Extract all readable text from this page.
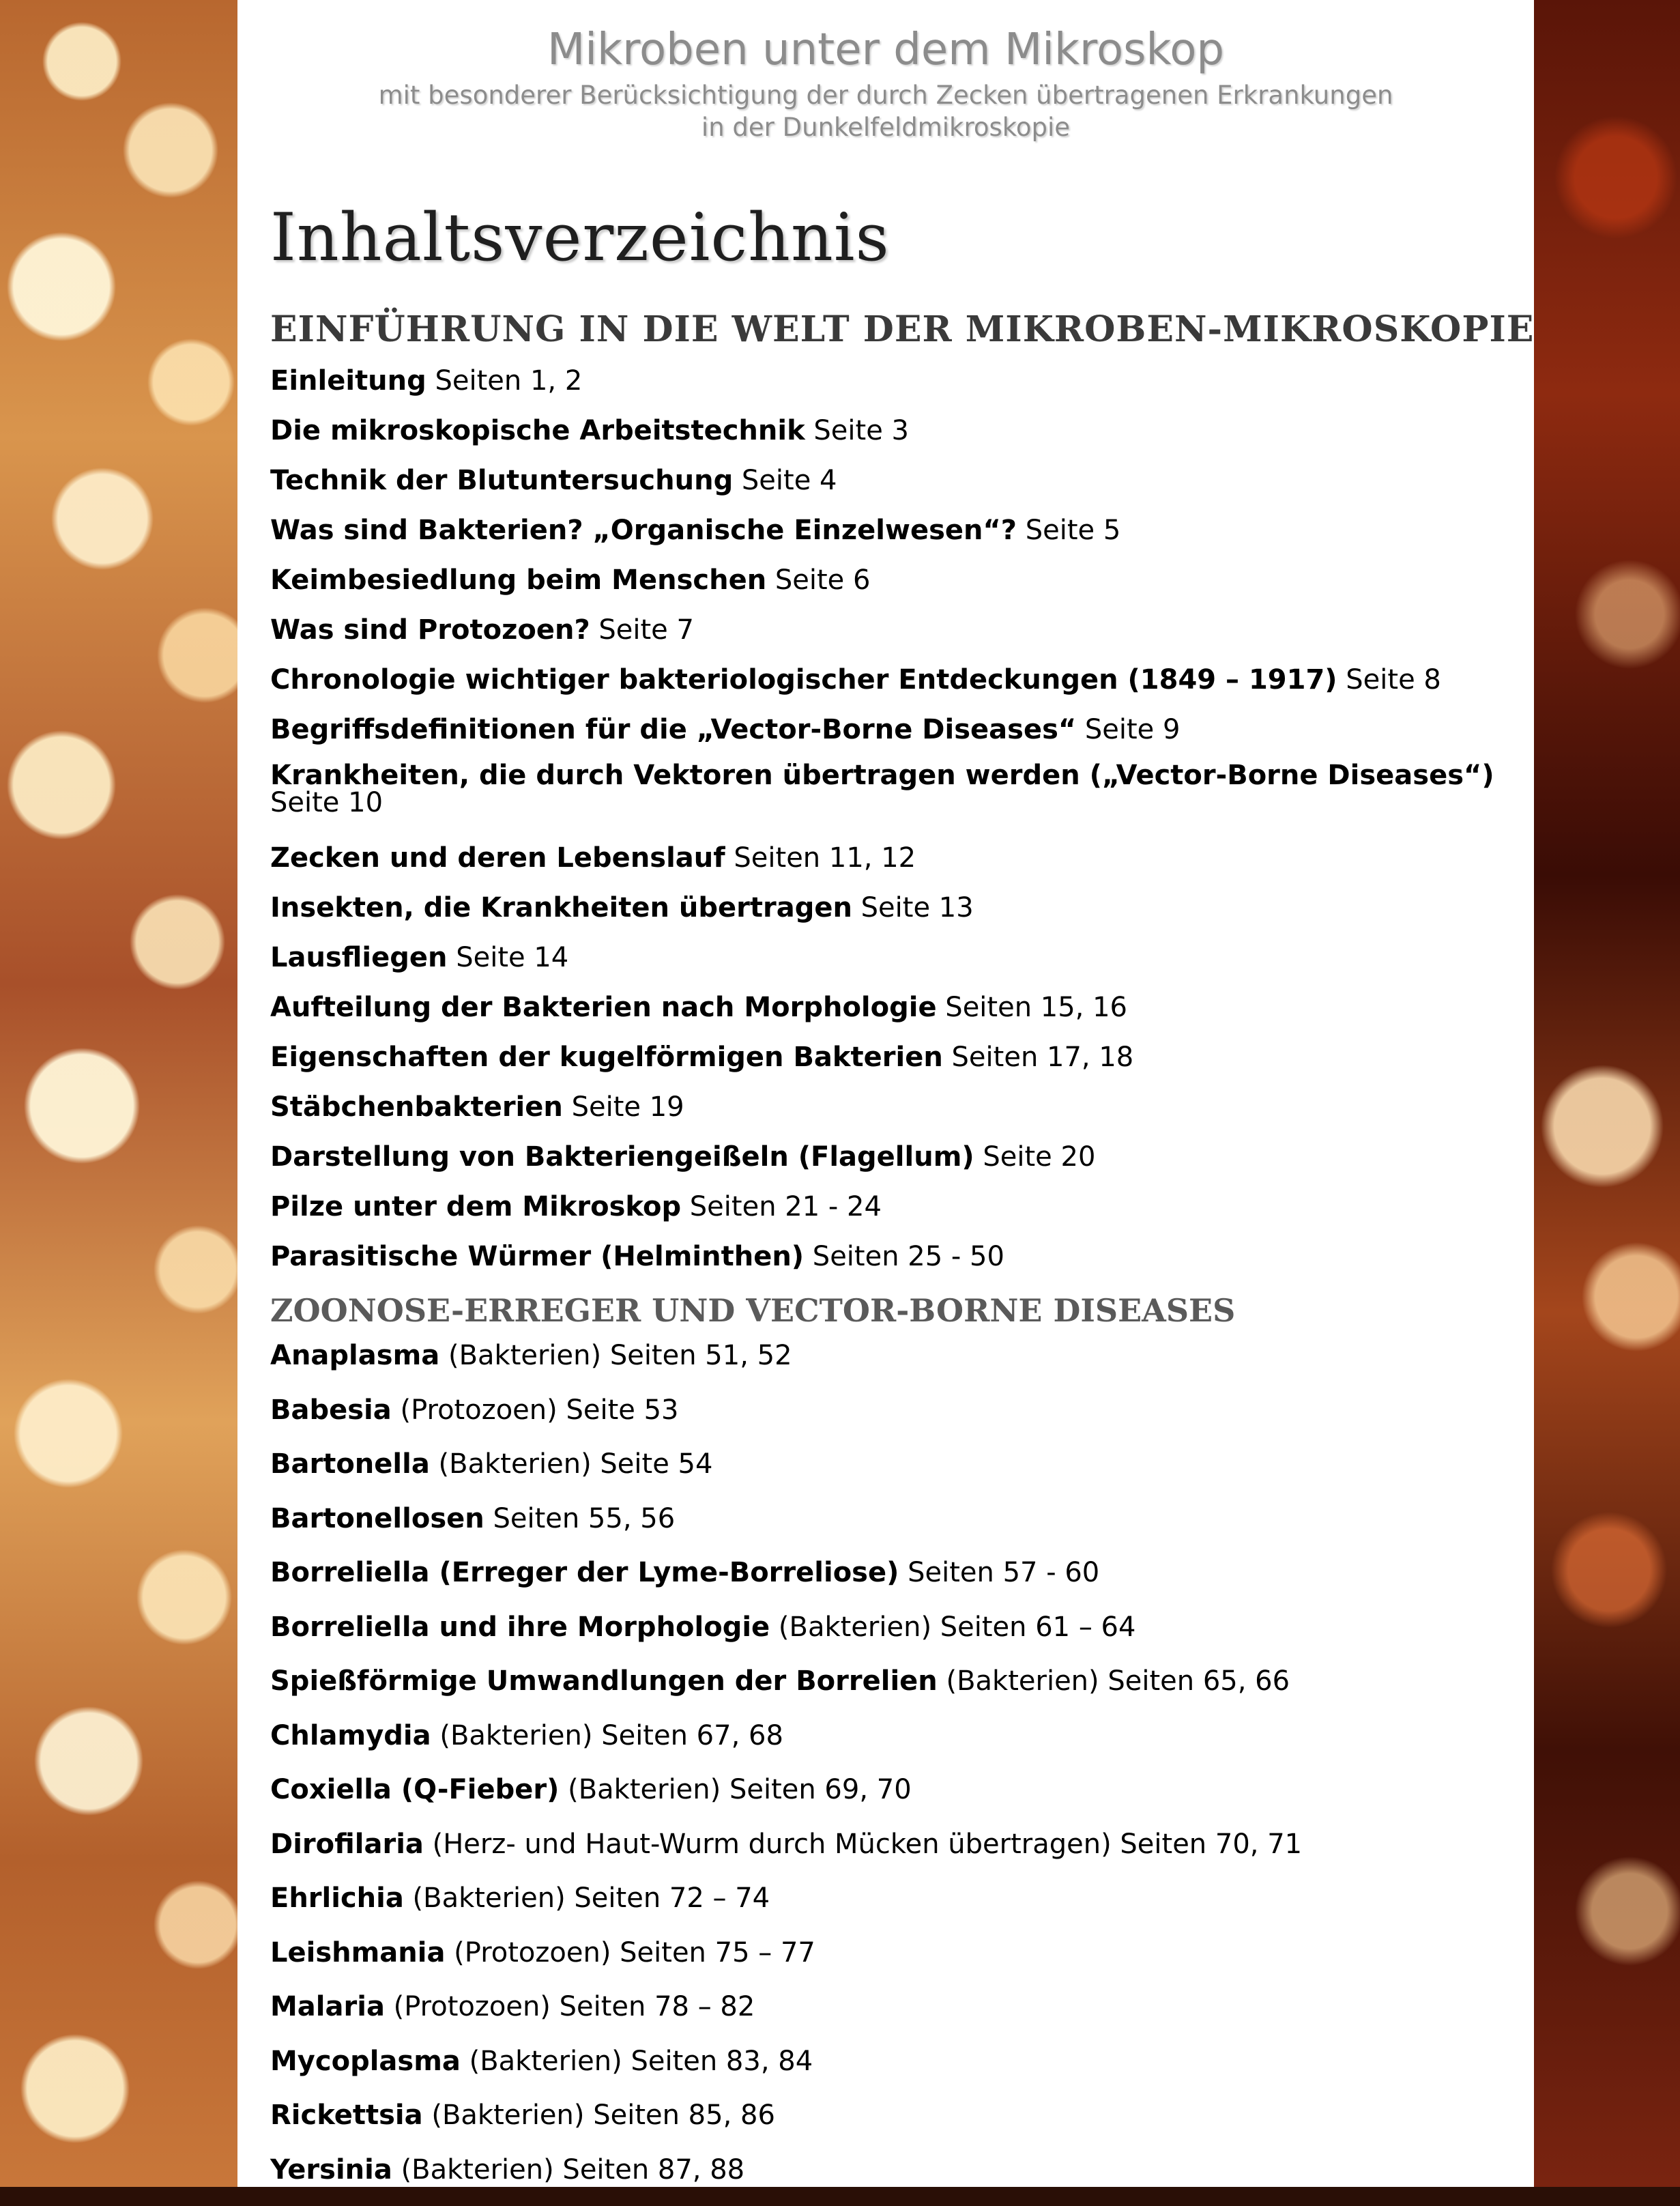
Mikroben unter dem Mikroskop
mit besonderer Berücksichtigung der durch Zecken übertragenen Erkrankungen
in der Dunkelfeldmikroskopie
Inhaltsverzeichnis
EINFÜHRUNG IN DIE WELT DER MIKROBEN-MIKROSKOPIE
Einleitung Seiten 1, 2
Die mikroskopische Arbeitstechnik Seite 3
Technik der Blutuntersuchung Seite 4
Was sind Bakterien? „Organische Einzelwesen“? Seite 5
Keimbesiedlung beim Menschen Seite 6
Was sind Protozoen? Seite 7
Chronologie wichtiger bakteriologischer Entdeckungen (1849 – 1917) Seite 8
Begriffsdefinitionen für die „Vector-Borne Diseases“ Seite 9
Krankheiten, die durch Vektoren übertragen werden („Vector-Borne Diseases“) Seite 10
Zecken und deren Lebenslauf Seiten 11, 12
Insekten, die Krankheiten übertragen Seite 13
Lausfliegen Seite 14
Aufteilung der Bakterien nach Morphologie Seiten 15, 16
Eigenschaften der kugelförmigen Bakterien Seiten 17, 18
Stäbchenbakterien Seite 19
Darstellung von Bakteriengeißeln (Flagellum) Seite 20
Pilze unter dem Mikroskop Seiten 21 - 24
Parasitische Würmer (Helminthen) Seiten 25 - 50
ZOONOSE-ERREGER UND VECTOR-BORNE DISEASES
Anaplasma (Bakterien) Seiten 51, 52
Babesia (Protozoen) Seite 53
Bartonella (Bakterien) Seite 54
Bartonellosen Seiten 55, 56
Borreliella (Erreger der Lyme-Borreliose) Seiten 57 - 60
Borreliella und ihre Morphologie (Bakterien) Seiten 61 – 64
Spießförmige Umwandlungen der Borrelien (Bakterien) Seiten 65, 66
Chlamydia (Bakterien) Seiten 67, 68
Coxiella (Q-Fieber) (Bakterien) Seiten 69, 70
Dirofilaria (Herz- und Haut-Wurm durch Mücken übertragen) Seiten 70, 71
Ehrlichia (Bakterien) Seiten 72 – 74
Leishmania (Protozoen) Seiten 75 – 77
Malaria (Protozoen) Seiten 78 – 82
Mycoplasma (Bakterien) Seiten 83, 84
Rickettsia (Bakterien) Seiten 85, 86
Yersinia (Bakterien) Seiten 87, 88
